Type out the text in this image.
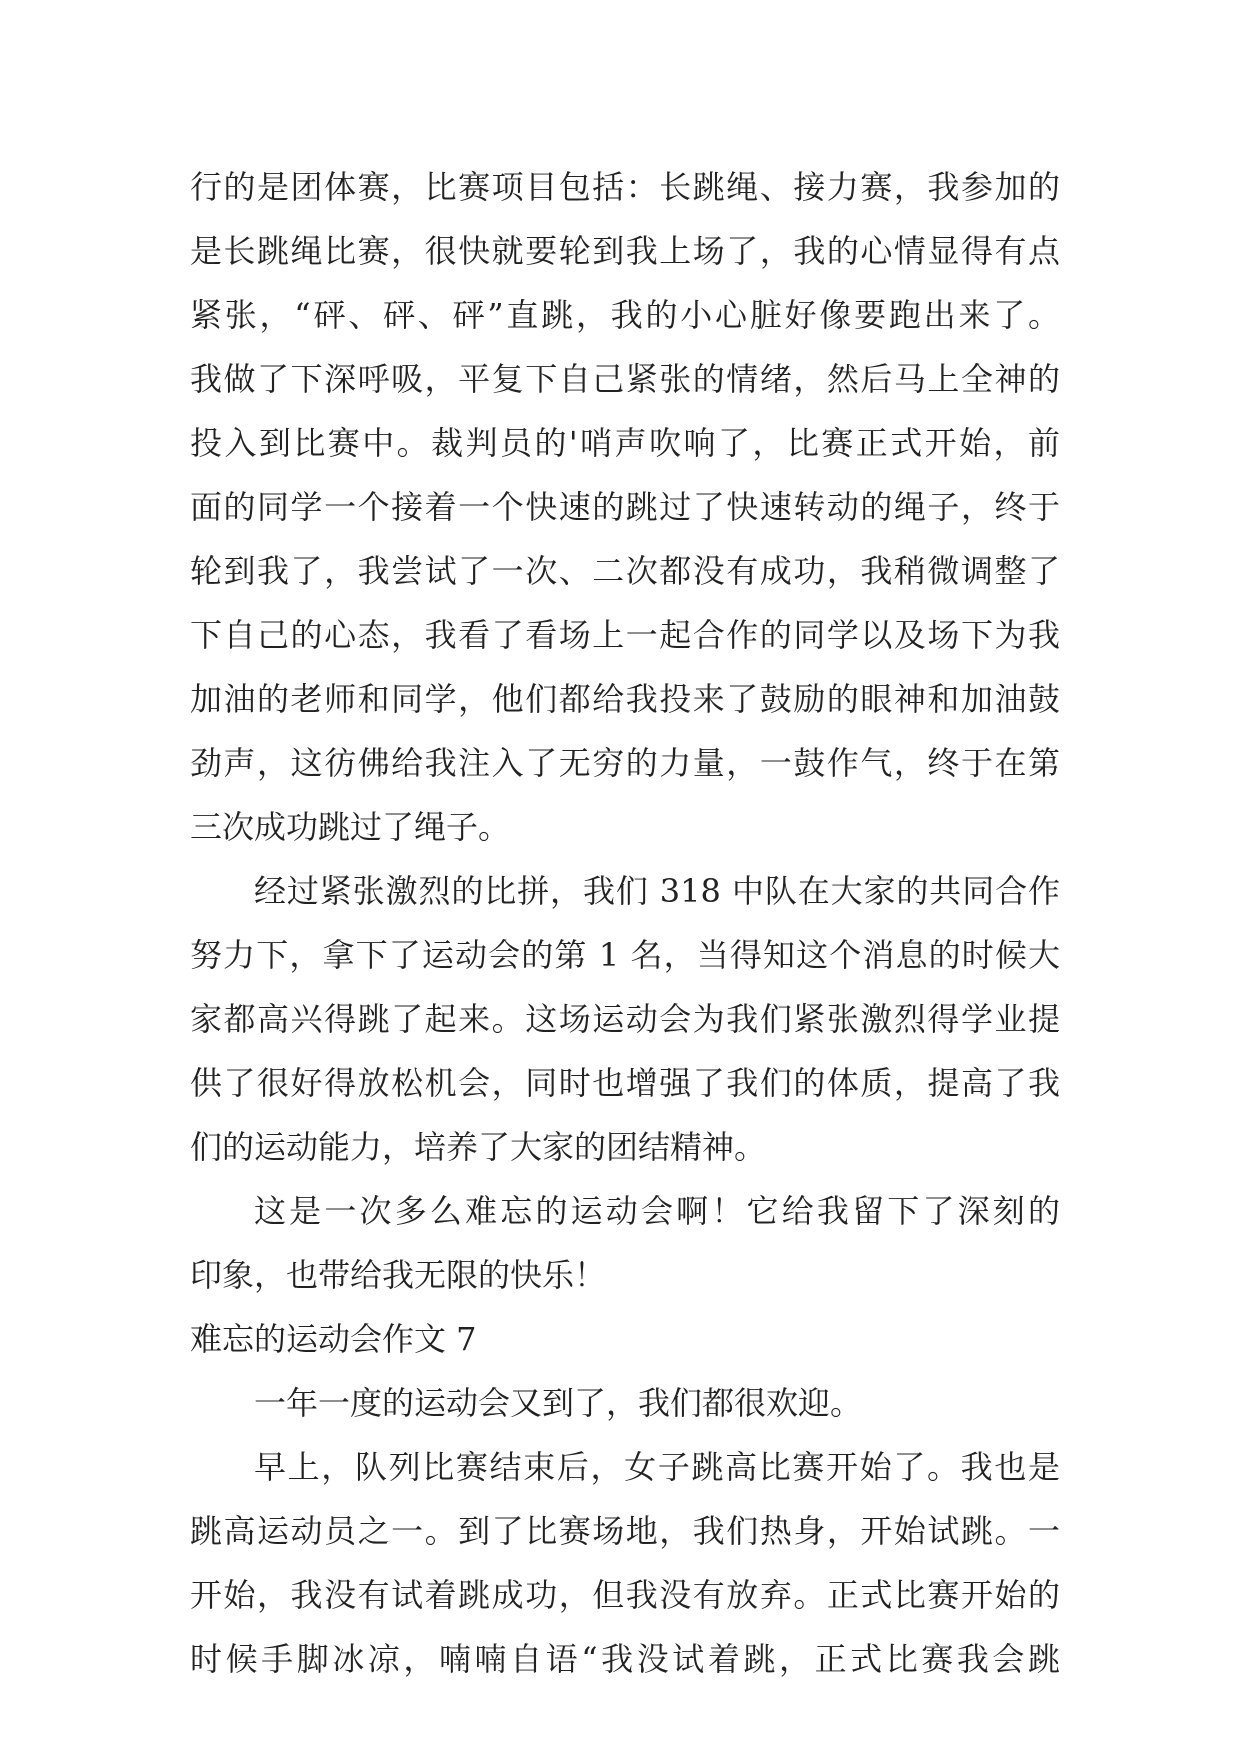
行的是团体赛，比赛项目包括：长跳绳、接力赛，我参加的
是长跳绳比赛，很快就要轮到我上场了，我的心情显得有点
紧张，“砰、砰、砰”直跳，我的小心脏好像要跑出来了。
我做了下深呼吸，平复下自己紧张的情绪，然后马上全神的
投入到比赛中。裁判员的'哨声吹响了，比赛正式开始，前
面的同学一个接着一个快速的跳过了快速转动的绳子，终于
轮到我了，我尝试了一次、二次都没有成功，我稍微调整了
下自己的心态，我看了看场上一起合作的同学以及场下为我
加油的老师和同学，他们都给我投来了鼓励的眼神和加油鼓
劲声，这彷佛给我注入了无穷的力量，一鼓作气，终于在第
三次成功跳过了绳子。
经过紧张激烈的比拼，我们 318 中队在大家的共同合作
努力下，拿下了运动会的第 1 名，当得知这个消息的时候大
家都高兴得跳了起来。这场运动会为我们紧张激烈得学业提
供了很好得放松机会，同时也增强了我们的体质，提高了我
们的运动能力，培养了大家的团结精神。
这是一次多么难忘的运动会啊！它给我留下了深刻的
印象，也带给我无限的快乐！
难忘的运动会作文 7
一年一度的运动会又到了，我们都很欢迎。
早上，队列比赛结束后，女子跳高比赛开始了。我也是
跳高运动员之一。到了比赛场地，我们热身，开始试跳。一
开始，我没有试着跳成功，但我没有放弃。正式比赛开始的
时候手脚冰凉，喃喃自语“我没试着跳，正式比赛我会跳
